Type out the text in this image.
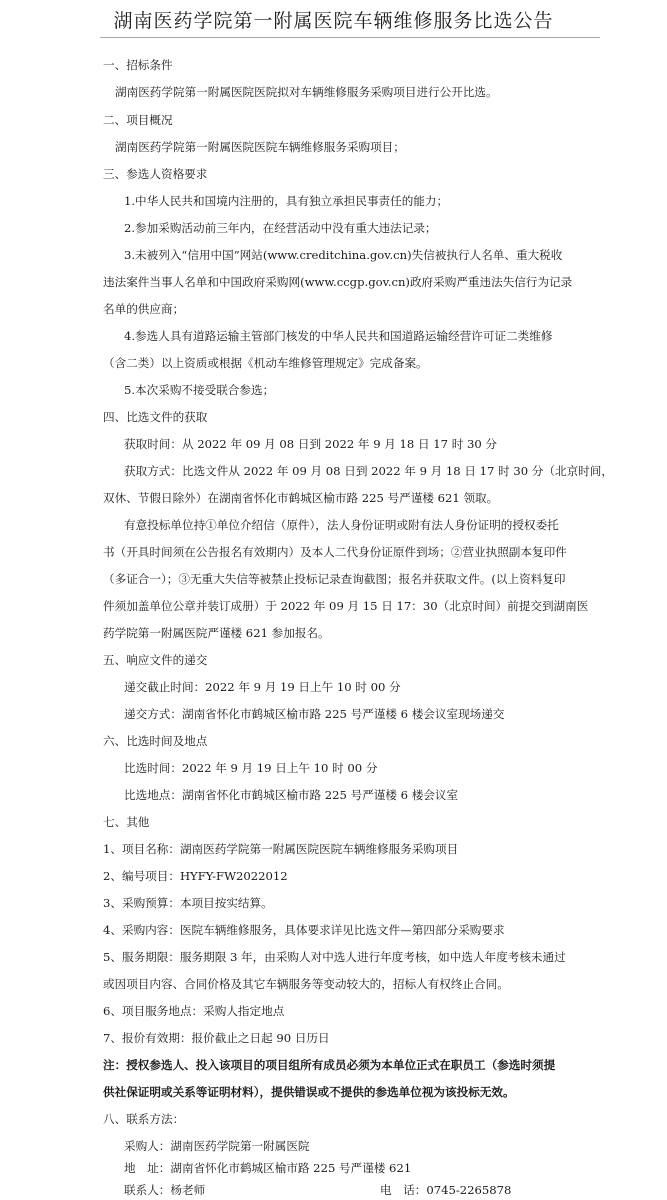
湖南医药学院第一附属医院车辆维修服务比选公告
一、招标条件
湖南医药学院第一附属医院医院拟对车辆维修服务采购项目进行公开比选。
二、项目概况
湖南医药学院第一附属医院医院车辆维修服务采购项目；
三、参选人资格要求
1.中华人民共和国境内注册的，具有独立承担民事责任的能力；
2.参加采购活动前三年内，在经营活动中没有重大违法记录；
3.未被列入“信用中国”网站(www.creditchina.gov.cn)失信被执行人名单、重大税收
违法案件当事人名单和中国政府采购网(www.ccgp.gov.cn)政府采购严重违法失信行为记录
名单的供应商；
4.参选人具有道路运输主管部门核发的中华人民共和国道路运输经营许可证二类维修
（含二类）以上资质或根据《机动车维修管理规定》完成备案。
5.本次采购不接受联合参选；
四、比选文件的获取
获取时间：从 2022 年 09 月 08 日到 2022 年 9 月 18 日 17 时 30 分
获取方式：比选文件从 2022 年 09 月 08 日到 2022 年 9 月 18 日 17 时 30 分（北京时间，
双休、节假日除外）在湖南省怀化市鹤城区榆市路 225 号严谨楼 621 领取。
有意投标单位持①单位介绍信（原件），法人身份证明或附有法人身份证明的授权委托
书（开具时间须在公告报名有效期内）及本人二代身份证原件到场；②营业执照副本复印件
（多证合一）；③无重大失信等被禁止投标记录查询截图；报名并获取文件。(以上资料复印
件须加盖单位公章并装订成册）于 2022 年 09 月 15 日 17：30（北京时间）前提交到湖南医
药学院第一附属医院严谨楼 621 参加报名。
五、响应文件的递交
递交截止时间：2022 年 9 月 19 日上午 10 时 00 分
递交方式：湖南省怀化市鹤城区榆市路 225 号严谨楼 6 楼会议室现场递交
六、比选时间及地点
比选时间：2022 年 9 月 19 日上午 10 时 00 分
比选地点：湖南省怀化市鹤城区榆市路 225 号严谨楼 6 楼会议室
七、其他
1、项目名称：湖南医药学院第一附属医院医院车辆维修服务采购项目
2、编号项目：HYFY-FW2022012
3、采购预算：本项目按实结算。
4、采购内容：医院车辆维修服务，具体要求详见比选文件—第四部分采购要求
5、服务期限：服务期限 3 年，由采购人对中选人进行年度考核，如中选人年度考核未通过
或因项目内容、合同价格及其它车辆服务等变动较大的，招标人有权终止合同。
6、项目服务地点：采购人指定地点
7、报价有效期：报价截止之日起 90 日历日
注：授权参选人、投入该项目的项目组所有成员必须为本单位正式在职员工（参选时须提
供社保证明或关系等证明材料），提供错误或不提供的参选单位视为该投标无效。
八、联系方法：
采购人：湖南医药学院第一附属医院
地　址：湖南省怀化市鹤城区榆市路 225 号严谨楼 621
联系人：杨老师	电　话：0745-2265878
